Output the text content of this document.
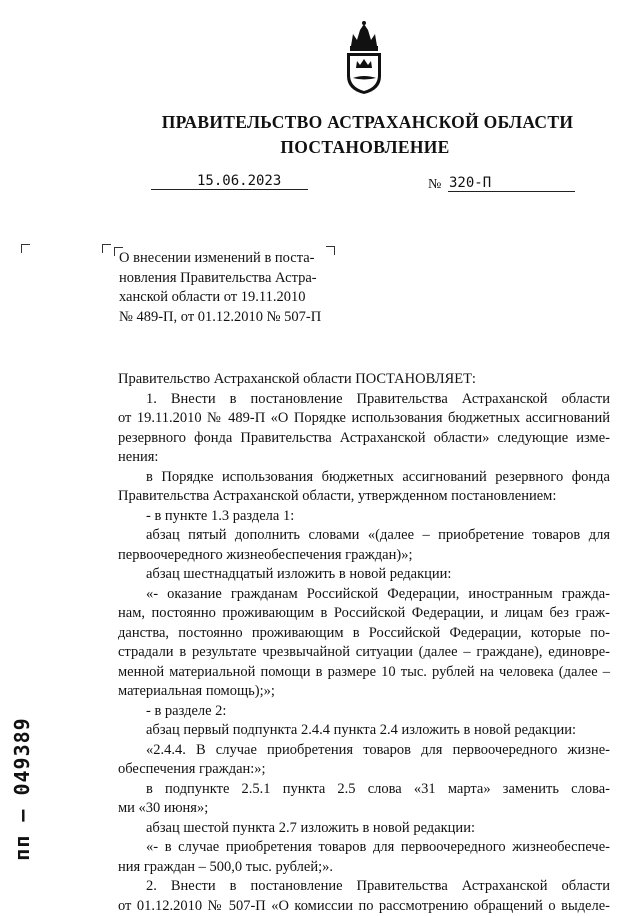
ПРАВИТЕЛЬСТВО АСТРАХАНСКОЙ ОБЛАСТИ
ПОСТАНОВЛЕНИЕ
15.06.2023	№ 320-П
О внесении изменений в поста-
новления Правительства Астра-
ханской области от 19.11.2010
№ 489-П, от 01.12.2010 № 507-П
Правительство Астраханской области ПОСТАНОВЛЯЕТ:
1. Внести в постановление Правительства Астраханской области
от 19.11.2010 № 489-П «О Порядке использования бюджетных ассигнований
резервного фонда Правительства Астраханской области» следующие изме-
нения:
в Порядке использования бюджетных ассигнований резервного фонда
Правительства Астраханской области, утвержденном постановлением:
- в пункте 1.3 раздела 1:
абзац пятый дополнить словами «(далее – приобретение товаров для
первоочередного жизнеобеспечения граждан)»;
абзац шестнадцатый изложить в новой редакции:
«- оказание гражданам Российской Федерации, иностранным гражда-
нам, постоянно проживающим в Российской Федерации, и лицам без граж-
данства, постоянно проживающим в Российской Федерации, которые по-
страдали в результате чрезвычайной ситуации (далее – граждане), единовре-
менной материальной помощи в размере 10 тыс. рублей на человека (далее –
материальная помощь);»;
- в разделе 2:
абзац первый подпункта 2.4.4 пункта 2.4 изложить в новой редакции:
«2.4.4. В случае приобретения товаров для первоочередного жизне-
обеспечения граждан:»;
в подпункте 2.5.1 пункта 2.5 слова «31 марта» заменить слова-
ми «30 июня»;
абзац шестой пункта 2.7 изложить в новой редакции:
«- в случае приобретения товаров для первоочередного жизнеобеспече-
ния граждан – 500,0 тыс. рублей;».
2. Внести в постановление Правительства Астраханской области
от 01.12.2010 № 507-П «О комиссии по рассмотрению обращений о выделе-
пп – 049389
